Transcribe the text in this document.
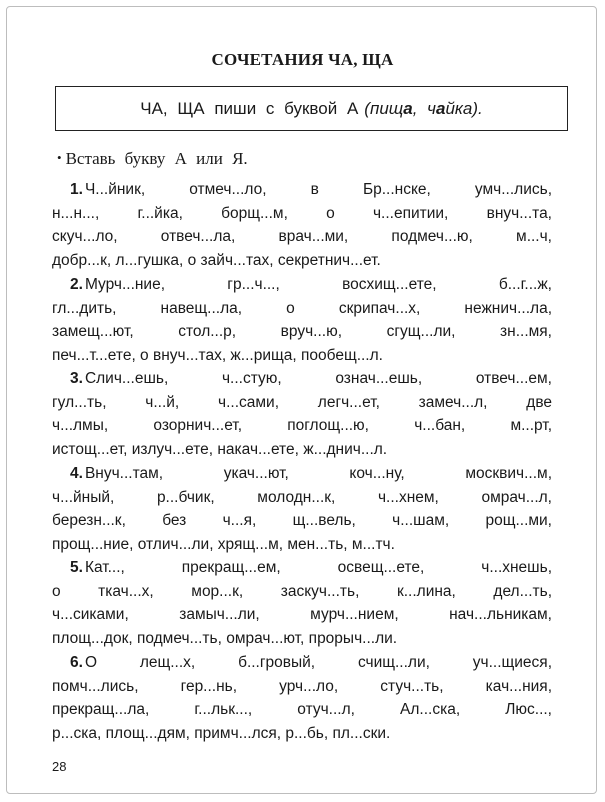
СОЧЕТАНИЯ ЧА, ЩА
ЧА, ЩА пиши с буквой А (пища, чайка).
• Вставь букву А или Я.
1. Ч...йник, отмеч...ло, в Бр...нске, умч...лись,
н...н..., г...йка, борщ...м, о ч...епитии, внуч...та,
скуч...ло, отвеч...ла, врач...ми, подмеч...ю, м...ч,
добр...к, л...гушка, о зайч...тах, секретнич...ет.
2. Мурч...ние, гр...ч..., восхищ...ете, б...г...ж,
гл...дить, навещ...ла, о скрипач...х, нежнич...ла,
замещ...ют, стол...р, вруч...ю, сгущ...ли, зн...мя,
печ...т...ете, о внуч...тах, ж...рища, пообещ...л.
3. Слич...ешь, ч...стую, означ...ешь, отвеч...ем,
гул...ть, ч...й, ч...сами, легч...ет, замеч...л, две
ч...лмы, озорнич...ет, поглощ...ю, ч...бан, м...рт,
истощ...ет, излуч...ете, накач...ете, ж...днич...л.
4. Внуч...там, укач...ют, коч...ну, москвич...м,
ч...йный, р...бчик, молодн...к, ч...хнем, омрач...л,
березн...к, без ч...я, щ...вель, ч...шам, рощ...ми,
прощ...ние, отлич...ли, хрящ...м, мен...ть, м...тч.
5. Кат..., прекращ...ем, освещ...ете, ч...хнешь,
о ткач...х, мор...к, заскуч...ть, к...лина, дел...ть,
ч...сиками, замыч...ли, мурч...нием, нач...льникам,
площ...док, подмеч...ть, омрач...ют, прорыч...ли.
6. О лещ...х, б...гровый, счищ...ли, уч...щиеся,
помч...лись, гер...нь, урч...ло, стуч...ть, кач...ния,
прекращ...ла, г...льк..., отуч...л, Ал...ска, Люс...,
р...ска, площ...дям, примч...лся, р...бь, пл...ски.
28
